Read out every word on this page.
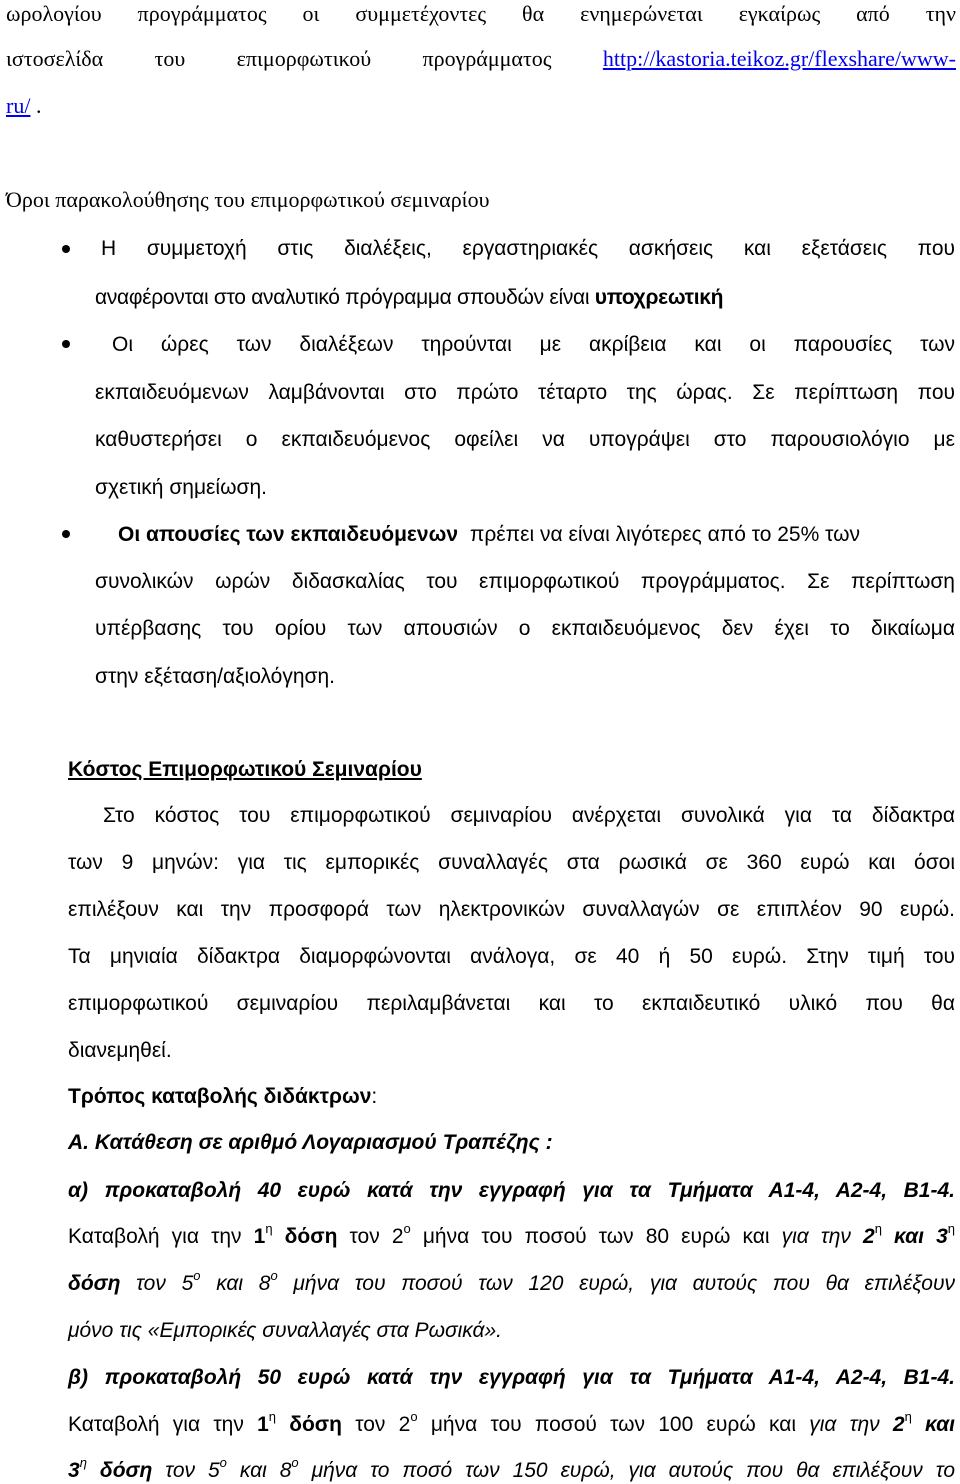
ωρολογίου προγράμματος οι συμμετέχοντες θα ενημερώνεται εγκαίρως από την
ιστοσελίδα του επιμορφωτικού προγράμματος http://kastoria.teikoz.gr/flexshare/www-
ru/ .
Όροι παρακολούθησης του επιμορφωτικού σεμιναρίου
Η συμμετοχή στις διαλέξεις, εργαστηριακές ασκήσεις και εξετάσεις που
αναφέρονται στο αναλυτικό πρόγραμμα σπουδών είναι υποχρεωτική
Οι ώρες των διαλέξεων τηρούνται με ακρίβεια και οι παρουσίες των
εκπαιδευόμενων λαμβάνονται στο πρώτο τέταρτο της ώρας. Σε περίπτωση που
καθυστερήσει ο εκπαιδευόμενος οφείλει να υπογράψει στο παρουσιολόγιο με
σχετική σημείωση.
Οι απουσίες των εκπαιδευόμενων πρέπει να είναι λιγότερες από το 25% των
συνολικών ωρών διδασκαλίας του επιμορφωτικού προγράμματος. Σε περίπτωση
υπέρβασης του ορίου των απουσιών ο εκπαιδευόμενος δεν έχει το δικαίωμα
στην εξέταση/αξιολόγηση.
Κόστος Επιμορφωτικού Σεμιναρίου
Στο κόστος του επιμορφωτικού σεμιναρίου ανέρχεται συνολικά για τα δίδακτρα
των 9 μηνών: για τις εμπορικές συναλλαγές στα ρωσικά σε 360 ευρώ και όσοι
επιλέξουν και την προσφορά των ηλεκτρονικών συναλλαγών σε επιπλέον 90 ευρώ.
Τα μηνιαία δίδακτρα διαμορφώνονται ανάλογα, σε 40 ή 50 ευρώ. Στην τιμή του
επιμορφωτικού σεμιναρίου περιλαμβάνεται και το εκπαιδευτικό υλικό που θα
διανεμηθεί.
Τρόπος καταβολής διδάκτρων:
Α. Κατάθεση σε αριθμό Λογαριασμού Τραπέζης :
α) προκαταβολή 40 ευρώ κατά την εγγραφή για τα Τμήματα Α1-4, Α2-4, Β1-4.
Καταβολή για την $1^\eta$ δόση τον $2^o$ μήνα του ποσού των 80 ευρώ και για την $2^\eta$ και $3^\eta$
δόση τον $5^o$ και $8^o$ μήνα του ποσού των 120 ευρώ, για αυτούς που θα επιλέξουν
μόνο τις «Εμπορικές συναλλαγές στα Ρωσικά».
β) προκαταβολή 50 ευρώ κατά την εγγραφή για τα Τμήματα Α1-4, Α2-4, Β1-4.
Καταβολή για την $1^\eta$ δόση τον $2^o$ μήνα του ποσού των 100 ευρώ και για την $2^\eta$ και
$3^\eta$ δόση τον $5^o$ και $8^o$ μήνα το ποσό των 150 ευρώ, για αυτούς που θα επιλέξουν το
